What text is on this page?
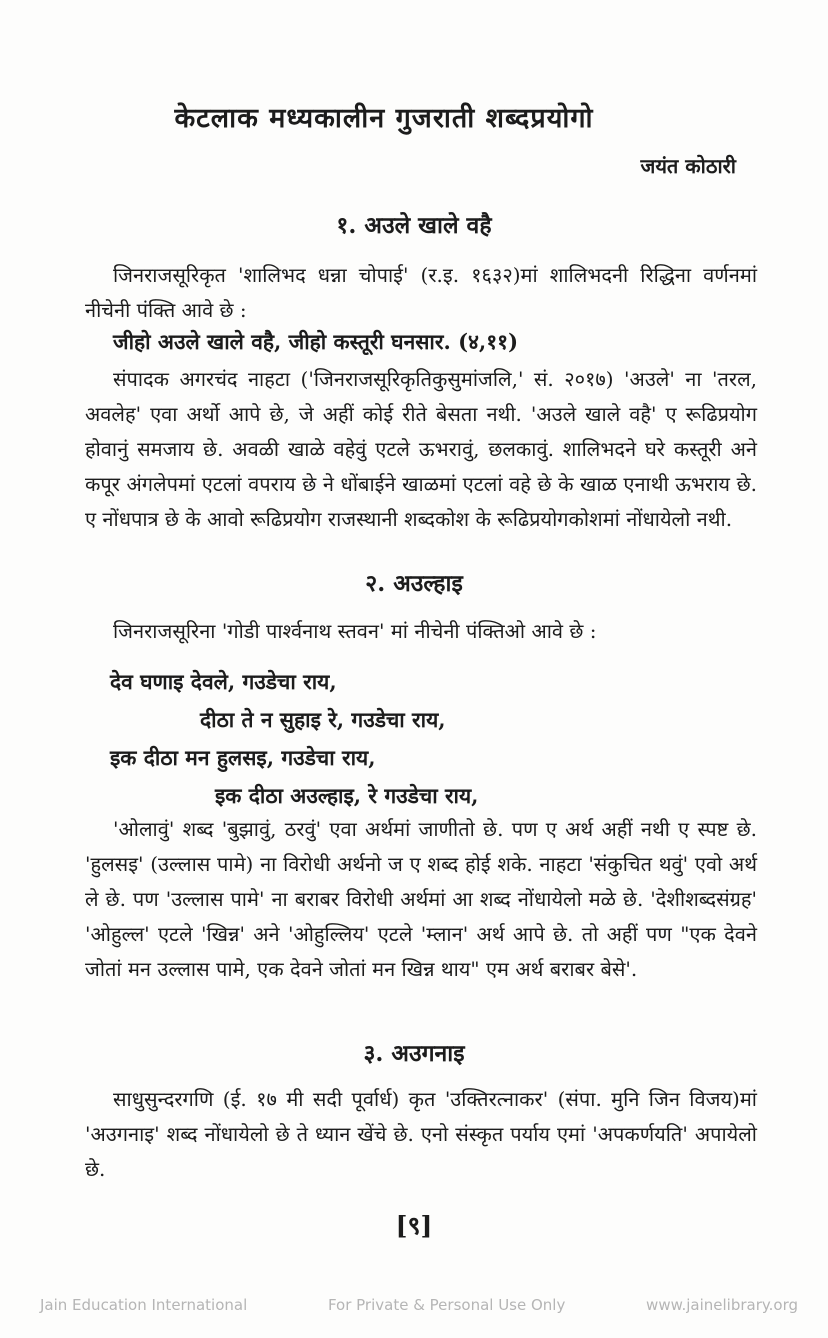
केटलाक मध्यकालीन गुजराती शब्दप्रयोगो
जयंत कोठारी
१. अउले खाले वहै
जिनराजसूरिकृत 'शालिभद धन्ना चोपाई' (र.इ. १६३२)मां शालिभदनी रिद्धिना वर्णनमां नीचेनी पंक्ति आवे छे :
जीहो अउले खाले वहै, जीहो कस्तूरी घनसार. (४,११)
संपादक अगरचंद नाहटा ('जिनराजसूरिकृतिकुसुमांजलि,' सं. २०१७) 'अउले' ना 'तरल, अवलेह' एवा अर्थो आपे छे, जे अहीं कोई रीते बेसता नथी. 'अउले खाले वहै' ए रूढिप्रयोग होवानुं समजाय छे. अवळी खाळे वहेवुं एटले ऊभरावुं, छलकावुं. शालिभदने घरे कस्तूरी अने कपूर अंगलेपमां एटलां वपराय छे ने धोंबाईने खाळमां एटलां वहे छे के खाळ एनाथी ऊभराय छे. ए नोंधपात्र छे के आवो रूढिप्रयोग राजस्थानी शब्दकोश के रूढिप्रयोगकोशमां नोंधायेलो नथी.
२. अउल्हाइ
जिनराजसूरिना 'गोडी पार्श्वनाथ स्तवन' मां नीचेनी पंक्तिओ आवे छे :
देव घणाइ देवले, गउडेचा राय,
दीठा ते न सुहाइ रे, गउडेचा राय,
इक दीठा मन हुलसइ, गउडेचा राय,
इक दीठा अउल्हाइ, रे गउडेचा राय,
'ओलावुं' शब्द 'बुझावुं, ठरवुं' एवा अर्थमां जाणीतो छे. पण ए अर्थ अहीं नथी ए स्पष्ट छे. 'हुलसइ' (उल्लास पामे) ना विरोधी अर्थनो ज ए शब्द होई शके. नाहटा 'संकुचित थवुं' एवो अर्थ ले छे. पण 'उल्लास पामे' ना बराबर विरोधी अर्थमां आ शब्द नोंधायेलो मळे छे. 'देशीशब्दसंग्रह' 'ओहुल्ल' एटले 'खिन्न' अने 'ओहुल्लिय' एटले 'म्लान' अर्थ आपे छे. तो अहीं पण "एक देवने जोतां मन उल्लास पामे, एक देवने जोतां मन खिन्न थाय" एम अर्थ बराबर बेसे'.
३. अउगनाइ
साधुसुन्दरगणि (ई. १७ मी सदी पूर्वार्ध) कृत 'उक्तिरत्नाकर' (संपा. मुनि जिन विजय)मां 'अउगनाइ' शब्द नोंधायेलो छे ते ध्यान खेंचे छे. एनो संस्कृत पर्याय एमां 'अपकर्णयति' अपायेलो छे.
[९]
Jain Education International	For Private & Personal Use Only	www.jainelibrary.org
